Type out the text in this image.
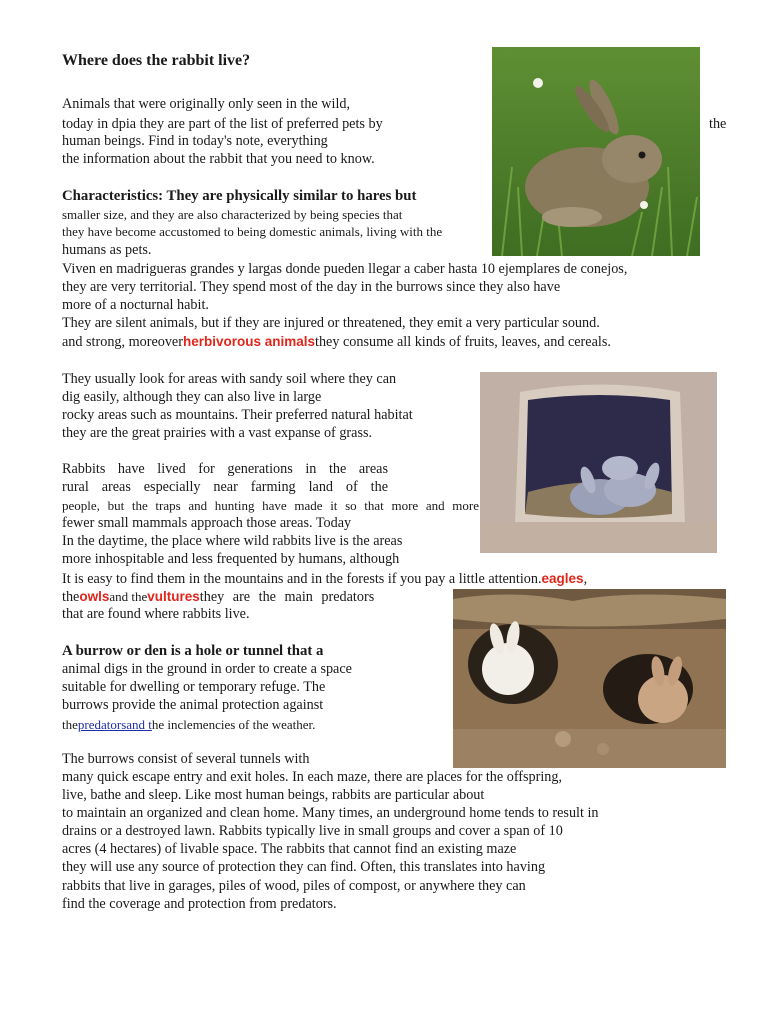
Where does the rabbit live?
Animals that were originally only seen in the wild,
today in dpia they are part of the list of preferred pets by	the
human beings. Find in today's note, everything
the information about the rabbit that you need to know.
Characteristics: They are physically similar to hares but
smaller size, and they are also characterized by being species that
they have become accustomed to being domestic animals, living with the
humans as pets.
Viven en madrigueras grandes y largas donde pueden llegar a caber hasta 10 ejemplares de conejos,
they are very territorial. They spend most of the day in the burrows since they also have
more of a nocturnal habit.
They are silent animals, but if they are injured or threatened, they emit a very particular sound.
and strong, moreoverherbivorous animalsthey consume all kinds of fruits, leaves, and cereals.
They usually look for areas with sandy soil where they can
dig easily, although they can also live in large
rocky areas such as mountains. Their preferred natural habitat
they are the great prairies with a vast expanse of grass.
Rabbits have lived for generations in the areas
rural areas especially near farming land of the
people, but the traps and hunting have made it so that more and more
fewer small mammals approach those areas. Today
In the daytime, the place where wild rabbits live is the areas
more inhospitable and less frequented by humans, although
It is easy to find them in the mountains and in the forests if you pay a little attention.eagles,
theowlsand thevulturesthey are the main predators
that are found where rabbits live.
A burrow or den is a hole or tunnel that a
animal digs in the ground in order to create a space
suitable for dwelling or temporary refuge. The
burrows provide the animal protection against
thepredatorsand the inclemencies of the weather.
The burrows consist of several tunnels with
many quick escape entry and exit holes. In each maze, there are places for the offspring,
live, bathe and sleep. Like most human beings, rabbits are particular about
to maintain an organized and clean home. Many times, an underground home tends to result in
drains or a destroyed lawn. Rabbits typically live in small groups and cover a span of 10
acres (4 hectares) of livable space. The rabbits that cannot find an existing maze
they will use any source of protection they can find. Often, this translates into having
rabbits that live in garages, piles of wood, piles of compost, or anywhere they can
find the coverage and protection from predators.
